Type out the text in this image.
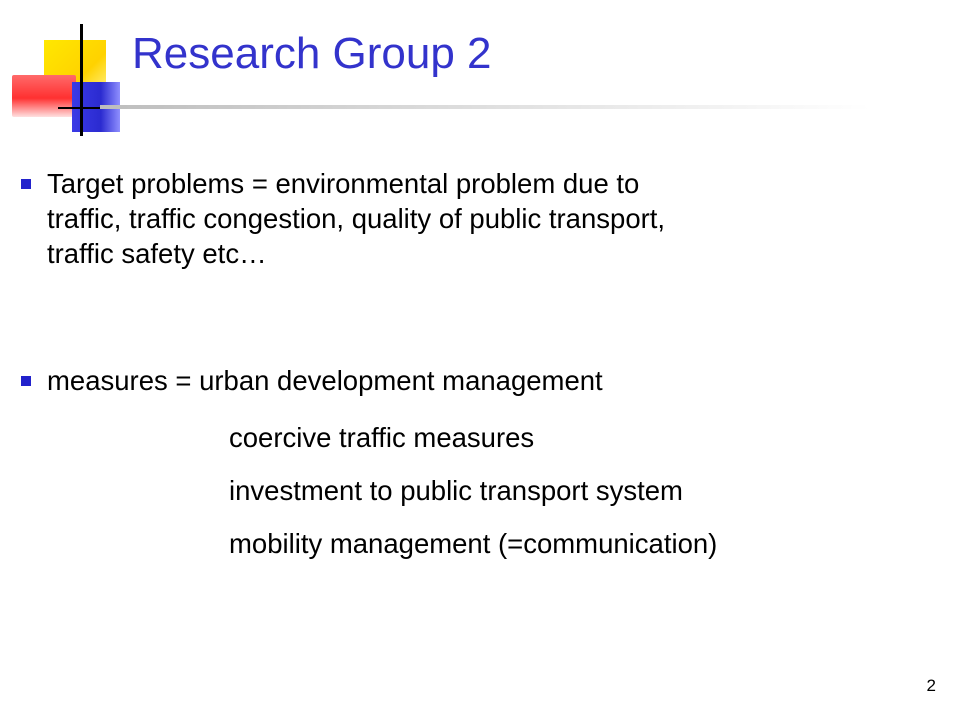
Research Group 2
Target problems = environmental problem due to
traffic, traffic congestion, quality of public transport,
traffic safety etc…
measures = urban development management
coercive traffic measures
investment to public transport system
mobility management (=communication)
2
